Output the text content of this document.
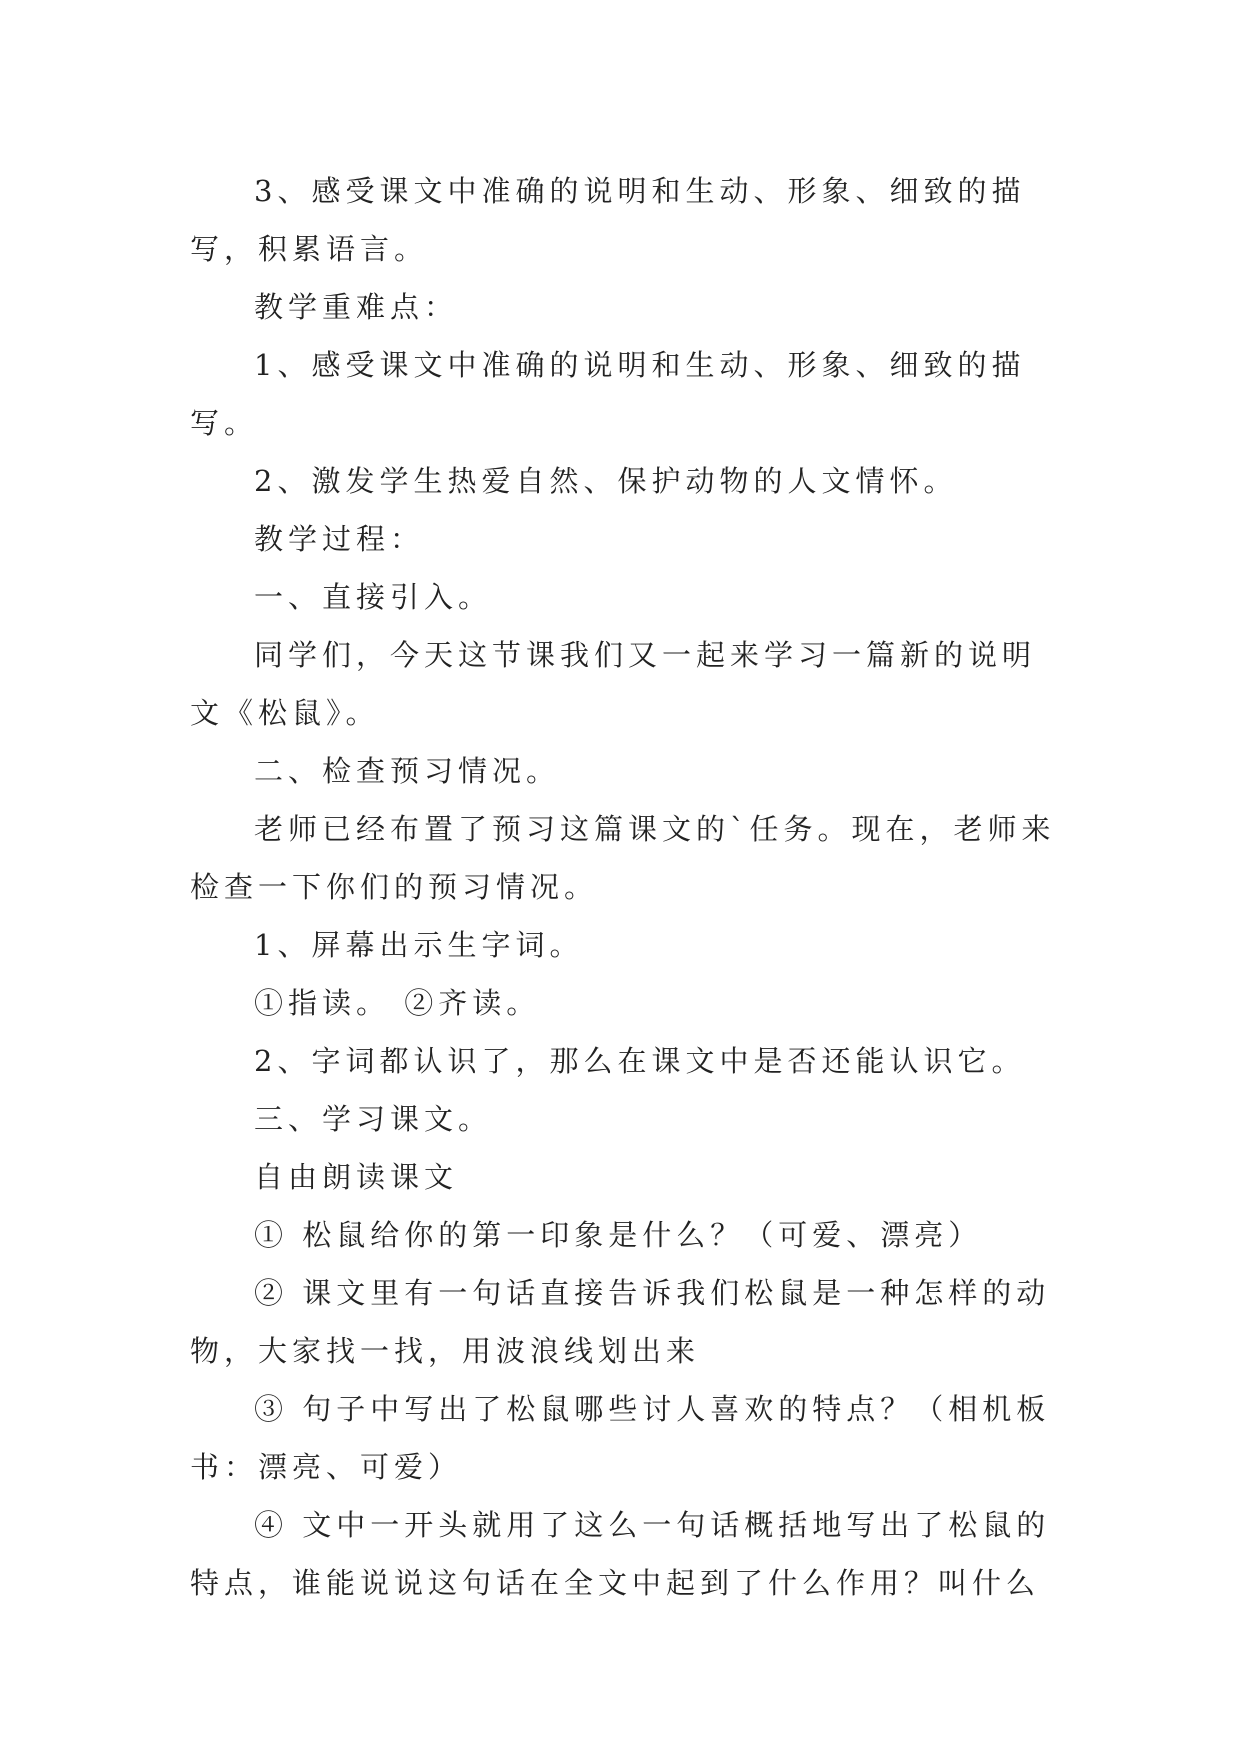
3、感受课文中准确的说明和生动、形象、细致的描写，积累语言。

教学重难点：

1、感受课文中准确的说明和生动、形象、细致的描写。

2、激发学生热爱自然、保护动物的人文情怀。

教学过程：

一、直接引入。

同学们，今天这节课我们又一起来学习一篇新的说明文《松鼠》。

二、检查预习情况。

老师已经布置了预习这篇课文的`任务。现在，老师来检查一下你们的预习情况。

1、屏幕出示生字词。

①指读。 ②齐读。

2、字词都认识了，那么在课文中是否还能认识它。

三、学习课文。

自由朗读课文

① 松鼠给你的第一印象是什么？（可爱、漂亮）

② 课文里有一句话直接告诉我们松鼠是一种怎样的动物，大家找一找，用波浪线划出来

③ 句子中写出了松鼠哪些讨人喜欢的特点？（相机板书：漂亮、可爱）

④ 文中一开头就用了这么一句话概括地写出了松鼠的特点，谁能说说这句话在全文中起到了什么作用？叫什么
